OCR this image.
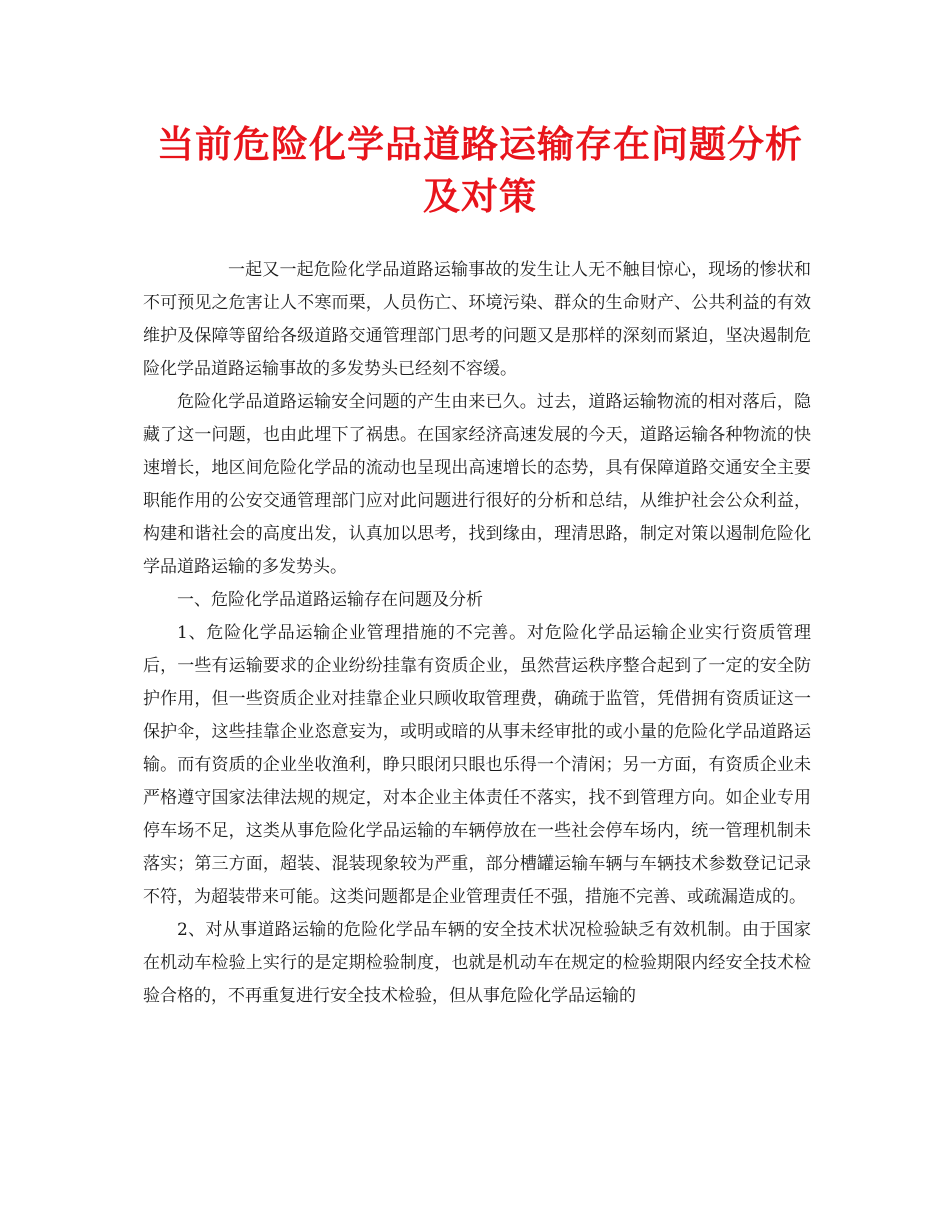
当前危险化学品道路运输存在问题分析及对策

一起又一起危险化学品道路运输事故的发生让人无不触目惊心，现场的惨状和不可预见之危害让人不寒而栗，人员伤亡、环境污染、群众的生命财产、公共利益的有效维护及保障等留给各级道路交通管理部门思考的问题又是那样的深刻而紧迫，坚决遏制危险化学品道路运输事故的多发势头已经刻不容缓。

危险化学品道路运输安全问题的产生由来已久。过去，道路运输物流的相对落后，隐藏了这一问题，也由此埋下了祸患。在国家经济高速发展的今天，道路运输各种物流的快速增长，地区间危险化学品的流动也呈现出高速增长的态势，具有保障道路交通安全主要职能作用的公安交通管理部门应对此问题进行很好的分析和总结，从维护社会公众利益，构建和谐社会的高度出发，认真加以思考，找到缘由，理清思路，制定对策以遏制危险化学品道路运输的多发势头。

一、危险化学品道路运输存在问题及分析

1、危险化学品运输企业管理措施的不完善。对危险化学品运输企业实行资质管理后，一些有运输要求的企业纷纷挂靠有资质企业，虽然营运秩序整合起到了一定的安全防护作用，但一些资质企业对挂靠企业只顾收取管理费，确疏于监管，凭借拥有资质证这一保护伞，这些挂靠企业恣意妄为，或明或暗的从事未经审批的或小量的危险化学品道路运输。而有资质的企业坐收渔利，睁只眼闭只眼也乐得一个清闲；另一方面，有资质企业未严格遵守国家法律法规的规定，对本企业主体责任不落实，找不到管理方向。如企业专用停车场不足，这类从事危险化学品运输的车辆停放在一些社会停车场内，统一管理机制未落实；第三方面，超装、混装现象较为严重，部分槽罐运输车辆与车辆技术参数登记记录不符，为超装带来可能。这类问题都是企业管理责任不强，措施不完善、或疏漏造成的。

2、对从事道路运输的危险化学品车辆的安全技术状况检验缺乏有效机制。由于国家在机动车检验上实行的是定期检验制度，也就是机动车在规定的检验期限内经安全技术检验合格的，不再重复进行安全技术检验，但从事危险化学品运输的
